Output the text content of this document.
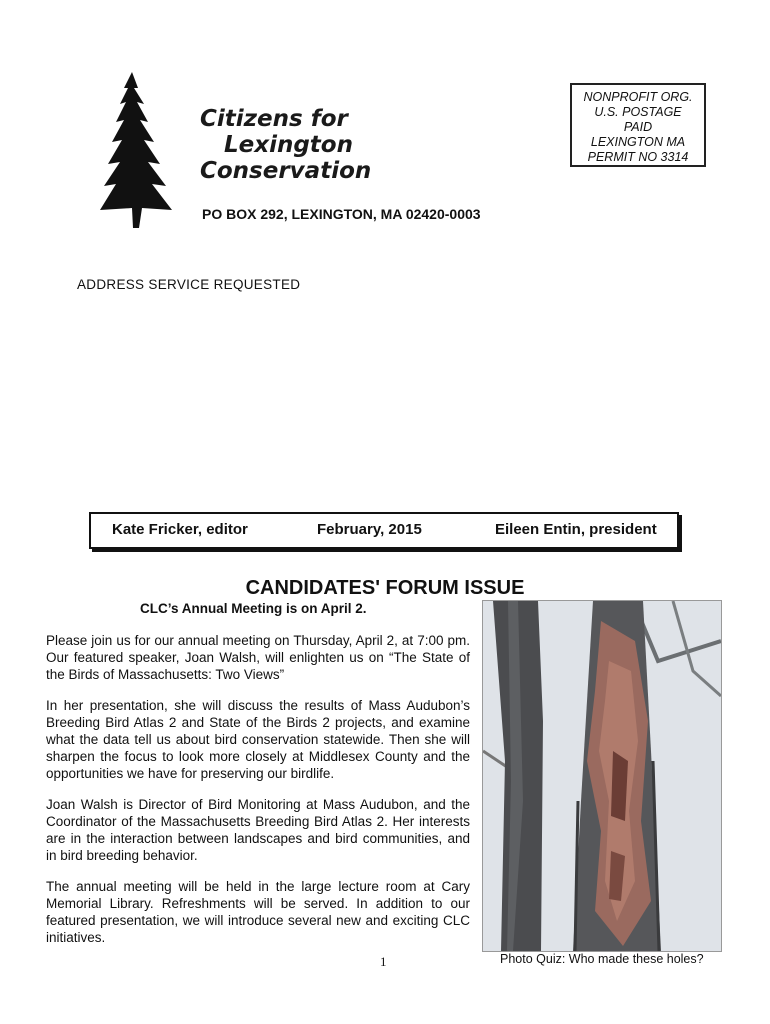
Citizens for
Lexington
Conservation
NONPROFIT ORG.
U.S. POSTAGE
PAID
LEXINGTON MA
PERMIT NO 3314
PO BOX 292, LEXINGTON, MA 02420-0003
ADDRESS SERVICE REQUESTED
Kate Fricker, editor	February, 2015	Eileen Entin, president
CANDIDATES' FORUM ISSUE
CLC’s Annual Meeting is on April 2.

Please join us for our annual meeting on Thursday, April 2, at 7:00 pm. Our featured speaker, Joan Walsh, will enlighten us on “The State of the Birds of Massachusetts: Two Views”

In her presentation, she will discuss the results of Mass Audubon’s Breeding Bird Atlas 2 and State of the Birds 2 projects, and examine what the data tell us about bird conservation statewide. Then she will sharpen the focus to look more closely at Middlesex County and the opportunities we have for preserving our birdlife.

Joan Walsh is Director of Bird Monitoring at Mass Audubon, and the Coordinator of the Massachusetts Breeding Bird Atlas 2. Her interests are in the interaction between landscapes and bird communities, and in bird breeding behavior.

The annual meeting will be held in the large lecture room at Cary Memorial Library. Refreshments will be served. In addition to our featured presentation, we will introduce several new and exciting CLC initiatives.

Photo Quiz: Who made these holes?
1
